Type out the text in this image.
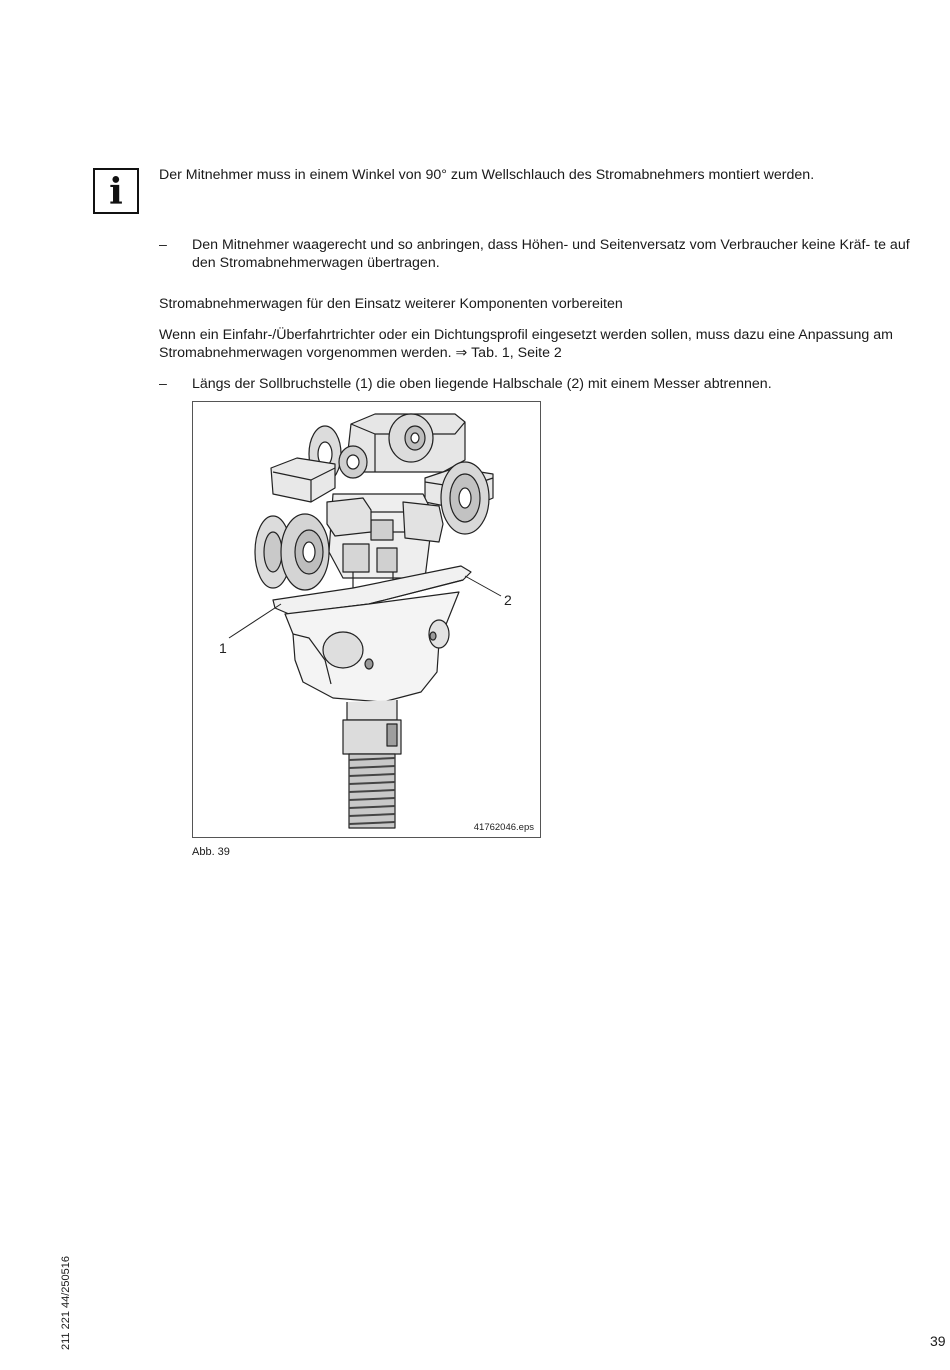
i	Der Mitnehmer muss in einem Winkel von 90° zum Wellschlauch des Stromabnehmers montiert werden.
– Den Mitnehmer waagerecht und so anbringen, dass Höhen- und Seitenversatz vom Verbraucher keine Kräf- te auf den Stromabnehmerwagen übertragen.
Stromabnehmerwagen für den Einsatz weiterer Komponenten vorbereiten
Wenn ein Einfahr-/Überfahrtrichter oder ein Dichtungsprofil eingesetzt werden sollen, muss dazu eine Anpassung am Stromabnehmerwagen vorgenommen werden. ⇒ Tab. 1, Seite 2
– Längs der Sollbruchstelle (1) die oben liegende Halbschale (2) mit einem Messer abtrennen.
1
2
41762046.eps
Abb. 39
211 221 44/250516	39
